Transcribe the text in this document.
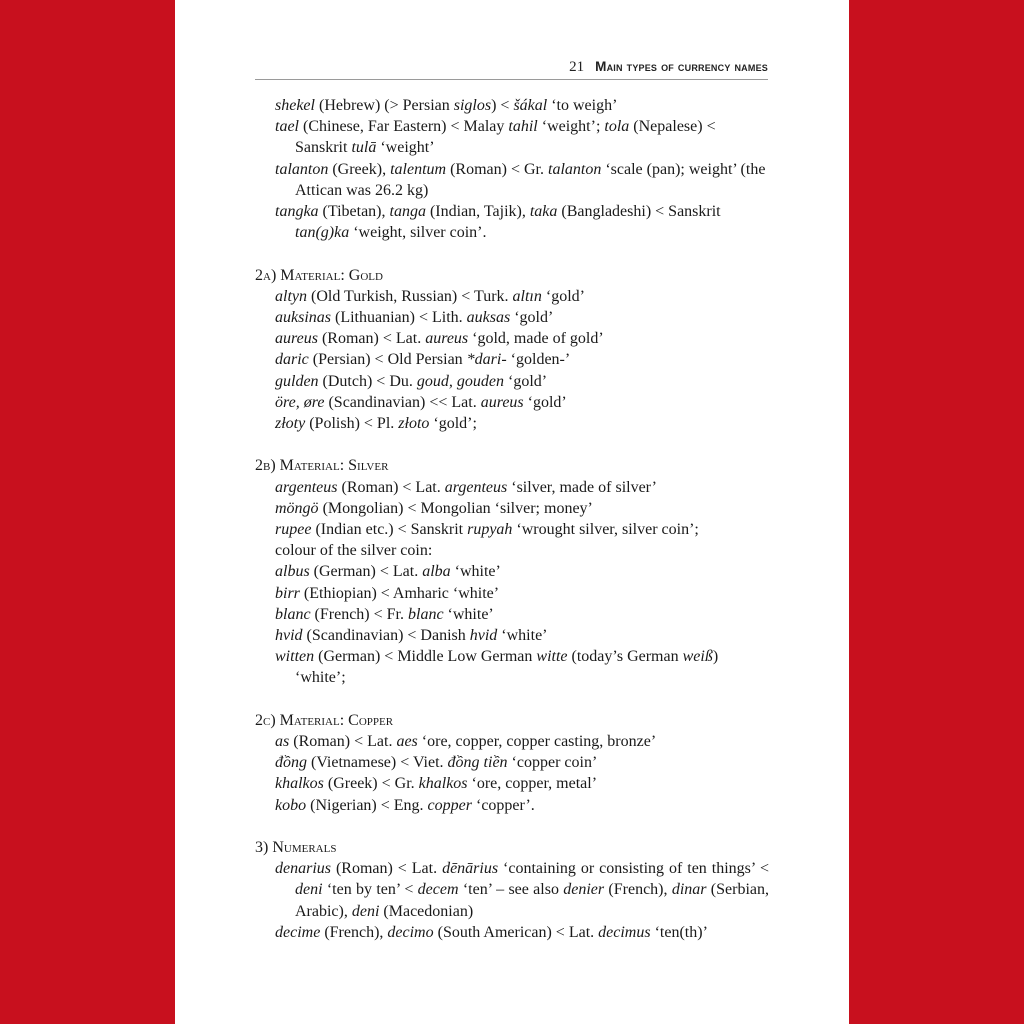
21 Main types of currency names
shekel (Hebrew) (> Persian siglos) < šákal ‘to weigh’
tael (Chinese, Far Eastern) < Malay tahil ‘weight’; tola (Nepalese) < Sanskrit tulā ‘weight’
talanton (Greek), talentum (Roman) < Gr. talanton ‘scale (pan); weight’ (the Attican was 26.2 kg)
tangka (Tibetan), tanga (Indian, Tajik), taka (Bangladeshi) < Sanskrit tan(g)ka ‘weight, silver coin’.
2a) Material: Gold
altyn (Old Turkish, Russian) < Turk. altın ‘gold’
auksinas (Lithuanian) < Lith. auksas ‘gold’
aureus (Roman) < Lat. aureus ‘gold, made of gold’
daric (Persian) < Old Persian *dari- ‘golden-’
gulden (Dutch) < Du. goud, gouden ‘gold’
öre, øre (Scandinavian) << Lat. aureus ‘gold’
złoty (Polish) < Pl. złoto ‘gold’;
2b) Material: Silver
argenteus (Roman) < Lat. argenteus ‘silver, made of silver’
möngö (Mongolian) < Mongolian ‘silver; money’
rupee (Indian etc.) < Sanskrit rupyah ‘wrought silver, silver coin’;
colour of the silver coin:
albus (German) < Lat. alba ‘white’
birr (Ethiopian) < Amharic ‘white’
blanc (French) < Fr. blanc ‘white’
hvid (Scandinavian) < Danish hvid ‘white’
witten (German) < Middle Low German witte (today’s German weiß) ‘white’;
2c) Material: Copper
as (Roman) < Lat. aes ‘ore, copper, copper casting, bronze’
đồng (Vietnamese) < Viet. đồng tiền ‘copper coin’
khalkos (Greek) < Gr. khalkos ‘ore, copper, metal’
kobo (Nigerian) < Eng. copper ‘copper’.
3) Numerals
denarius (Roman) < Lat. dēnārius ‘containing or consisting of ten things’ < deni ‘ten by ten’ < decem ‘ten’ – see also denier (French), dinar (Serbian, Arabic), deni (Macedonian)
decime (French), decimo (South American) < Lat. decimus ‘ten(th)’
